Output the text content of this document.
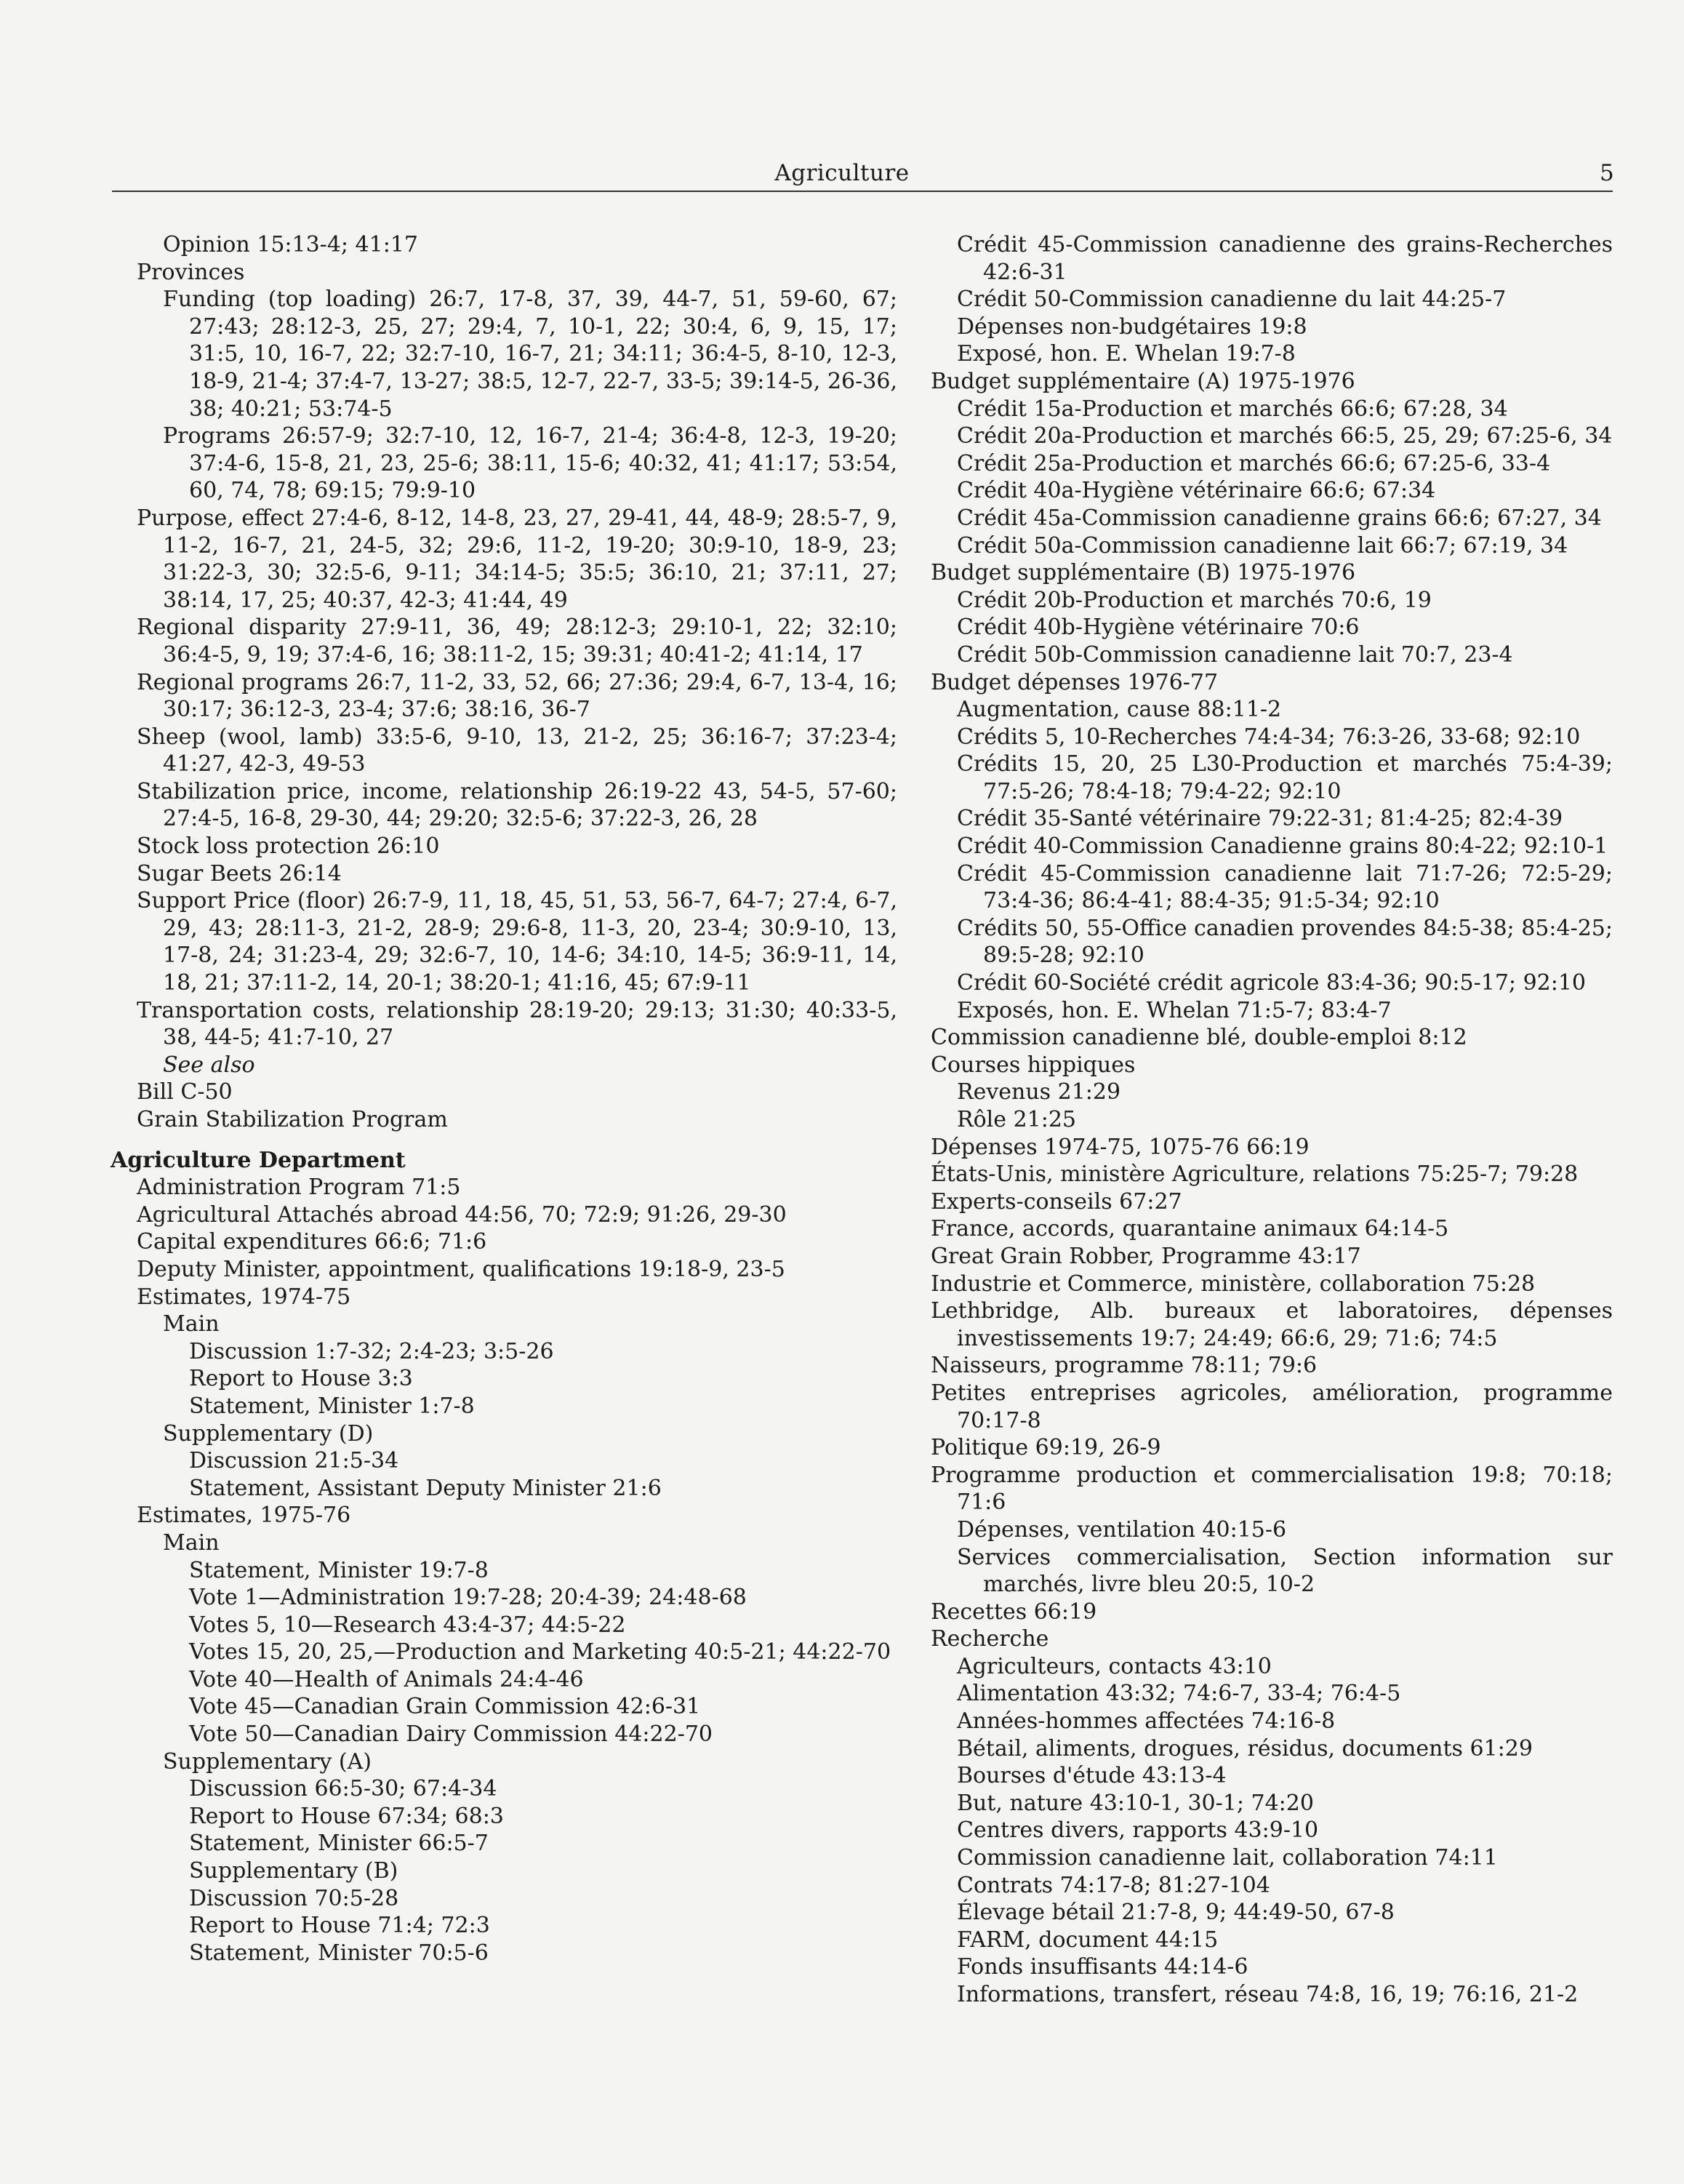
Agriculture	5
Opinion 15:13-4; 41:17
Provinces
Funding (top loading) 26:7, 17-8, 37, 39, 44-7, 51, 59-60, 67; 27:43; 28:12-3, 25, 27; 29:4, 7, 10-1, 22; 30:4, 6, 9, 15, 17; 31:5, 10, 16-7, 22; 32:7-10, 16-7, 21; 34:11; 36:4-5, 8-10, 12-3, 18-9, 21-4; 37:4-7, 13-27; 38:5, 12-7, 22-7, 33-5; 39:14-5, 26-36, 38; 40:21; 53:74-5
Programs 26:57-9; 32:7-10, 12, 16-7, 21-4; 36:4-8, 12-3, 19-20; 37:4-6, 15-8, 21, 23, 25-6; 38:11, 15-6; 40:32, 41; 41:17; 53:54, 60, 74, 78; 69:15; 79:9-10
Purpose, effect 27:4-6, 8-12, 14-8, 23, 27, 29-41, 44, 48-9; 28:5-7, 9, 11-2, 16-7, 21, 24-5, 32; 29:6, 11-2, 19-20; 30:9-10, 18-9, 23; 31:22-3, 30; 32:5-6, 9-11; 34:14-5; 35:5; 36:10, 21; 37:11, 27; 38:14, 17, 25; 40:37, 42-3; 41:44, 49
Regional disparity 27:9-11, 36, 49; 28:12-3; 29:10-1, 22; 32:10; 36:4-5, 9, 19; 37:4-6, 16; 38:11-2, 15; 39:31; 40:41-2; 41:14, 17
Regional programs 26:7, 11-2, 33, 52, 66; 27:36; 29:4, 6-7, 13-4, 16; 30:17; 36:12-3, 23-4; 37:6; 38:16, 36-7
Sheep (wool, lamb) 33:5-6, 9-10, 13, 21-2, 25; 36:16-7; 37:23-4; 41:27, 42-3, 49-53
Stabilization price, income, relationship 26:19-22 43, 54-5, 57-60; 27:4-5, 16-8, 29-30, 44; 29:20; 32:5-6; 37:22-3, 26, 28
Stock loss protection 26:10
Sugar Beets 26:14
Support Price (floor) 26:7-9, 11, 18, 45, 51, 53, 56-7, 64-7; 27:4, 6-7, 29, 43; 28:11-3, 21-2, 28-9; 29:6-8, 11-3, 20, 23-4; 30:9-10, 13, 17-8, 24; 31:23-4, 29; 32:6-7, 10, 14-6; 34:10, 14-5; 36:9-11, 14, 18, 21; 37:11-2, 14, 20-1; 38:20-1; 41:16, 45; 67:9-11
Transportation costs, relationship 28:19-20; 29:13; 31:30; 40:33-5, 38, 44-5; 41:7-10, 27
See also
Bill C-50
Grain Stabilization Program
Agriculture Department
Administration Program 71:5
Agricultural Attachés abroad 44:56, 70; 72:9; 91:26, 29-30
Capital expenditures 66:6; 71:6
Deputy Minister, appointment, qualifications 19:18-9, 23-5
Estimates, 1974-75
Main
Discussion 1:7-32; 2:4-23; 3:5-26
Report to House 3:3
Statement, Minister 1:7-8
Supplementary (D)
Discussion 21:5-34
Statement, Assistant Deputy Minister 21:6
Estimates, 1975-76
Main
Statement, Minister 19:7-8
Vote 1—Administration 19:7-28; 20:4-39; 24:48-68
Votes 5, 10—Research 43:4-37; 44:5-22
Votes 15, 20, 25,—Production and Marketing 40:5-21; 44:22-70
Vote 40—Health of Animals 24:4-46
Vote 45—Canadian Grain Commission 42:6-31
Vote 50—Canadian Dairy Commission 44:22-70
Supplementary (A)
Discussion 66:5-30; 67:4-34
Report to House 67:34; 68:3
Statement, Minister 66:5-7
Supplementary (B)
Discussion 70:5-28
Report to House 71:4; 72:3
Statement, Minister 70:5-6
Crédit 45-Commission canadienne des grains-Recherches 42:6-31
Crédit 50-Commission canadienne du lait 44:25-7
Dépenses non-budgétaires 19:8
Exposé, hon. E. Whelan 19:7-8
Budget supplémentaire (A) 1975-1976
Crédit 15a-Production et marchés 66:6; 67:28, 34
Crédit 20a-Production et marchés 66:5, 25, 29; 67:25-6, 34
Crédit 25a-Production et marchés 66:6; 67:25-6, 33-4
Crédit 40a-Hygiène vétérinaire 66:6; 67:34
Crédit 45a-Commission canadienne grains 66:6; 67:27, 34
Crédit 50a-Commission canadienne lait 66:7; 67:19, 34
Budget supplémentaire (B) 1975-1976
Crédit 20b-Production et marchés 70:6, 19
Crédit 40b-Hygiène vétérinaire 70:6
Crédit 50b-Commission canadienne lait 70:7, 23-4
Budget dépenses 1976-77
Augmentation, cause 88:11-2
Crédits 5, 10-Recherches 74:4-34; 76:3-26, 33-68; 92:10
Crédits 15, 20, 25 L30-Production et marchés 75:4-39; 77:5-26; 78:4-18; 79:4-22; 92:10
Crédit 35-Santé vétérinaire 79:22-31; 81:4-25; 82:4-39
Crédit 40-Commission Canadienne grains 80:4-22; 92:10-1
Crédit 45-Commission canadienne lait 71:7-26; 72:5-29; 73:4-36; 86:4-41; 88:4-35; 91:5-34; 92:10
Crédits 50, 55-Office canadien provendes 84:5-38; 85:4-25; 89:5-28; 92:10
Crédit 60-Société crédit agricole 83:4-36; 90:5-17; 92:10
Exposés, hon. E. Whelan 71:5-7; 83:4-7
Commission canadienne blé, double-emploi 8:12
Courses hippiques
Revenus 21:29
Rôle 21:25
Dépenses 1974-75, 1075-76 66:19
États-Unis, ministère Agriculture, relations 75:25-7; 79:28
Experts-conseils 67:27
France, accords, quarantaine animaux 64:14-5
Great Grain Robber, Programme 43:17
Industrie et Commerce, ministère, collaboration 75:28
Lethbridge, Alb. bureaux et laboratoires, dépenses investissements 19:7; 24:49; 66:6, 29; 71:6; 74:5
Naisseurs, programme 78:11; 79:6
Petites entreprises agricoles, amélioration, programme 70:17-8
Politique 69:19, 26-9
Programme production et commercialisation 19:8; 70:18; 71:6
Dépenses, ventilation 40:15-6
Services commercialisation, Section information sur marchés, livre bleu 20:5, 10-2
Recettes 66:19
Recherche
Agriculteurs, contacts 43:10
Alimentation 43:32; 74:6-7, 33-4; 76:4-5
Années-hommes affectées 74:16-8
Bétail, aliments, drogues, résidus, documents 61:29
Bourses d'étude 43:13-4
But, nature 43:10-1, 30-1; 74:20
Centres divers, rapports 43:9-10
Commission canadienne lait, collaboration 74:11
Contrats 74:17-8; 81:27-104
Élevage bétail 21:7-8, 9; 44:49-50, 67-8
FARM, document 44:15
Fonds insuffisants 44:14-6
Informations, transfert, réseau 74:8, 16, 19; 76:16, 21-2
